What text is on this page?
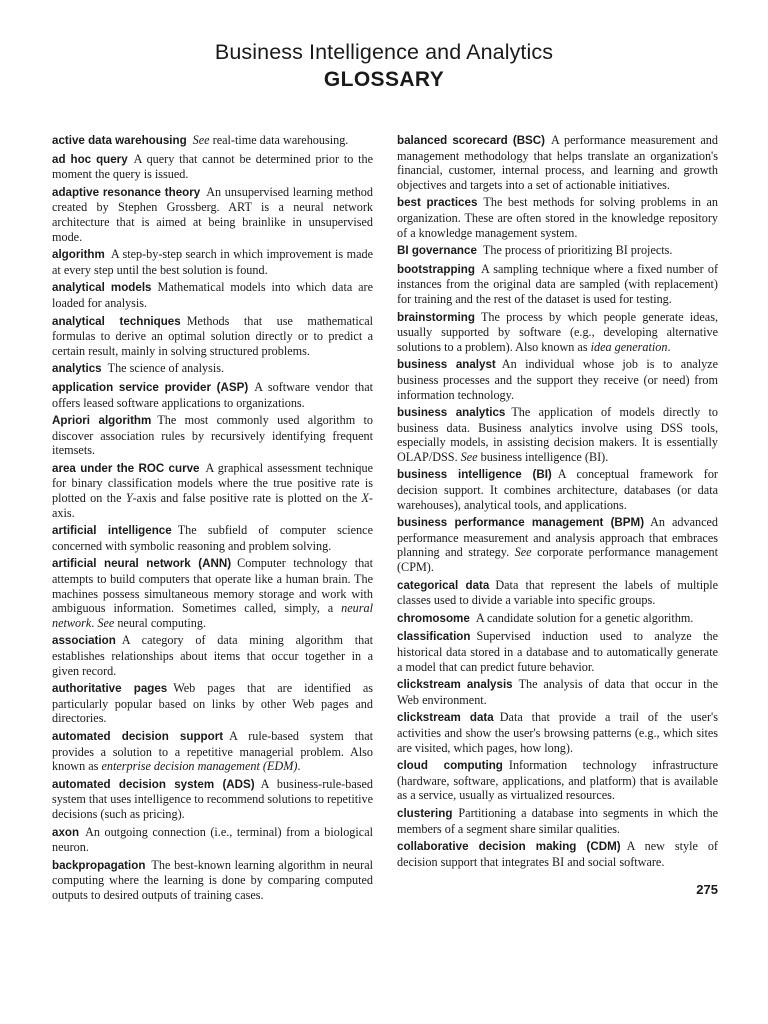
Business Intelligence and Analytics
GLOSSARY

active data warehousing See real-time data warehousing.

ad hoc query A query that cannot be determined prior to the moment the query is issued.

adaptive resonance theory An unsupervised learning method created by Stephen Grossberg. ART is a neural network architecture that is aimed at being brainlike in unsupervised mode.

algorithm A step-by-step search in which improvement is made at every step until the best solution is found.

analytical models Mathematical models into which data are loaded for analysis.

analytical techniques Methods that use mathematical formulas to derive an optimal solution directly or to predict a certain result, mainly in solving structured problems.

analytics The science of analysis.

application service provider (ASP) A software vendor that offers leased software applications to organizations.

Apriori algorithm The most commonly used algorithm to discover association rules by recursively identifying frequent itemsets.

area under the ROC curve A graphical assessment technique for binary classification models where the true positive rate is plotted on the Y-axis and false positive rate is plotted on the X-axis.

artificial intelligence The subfield of computer science concerned with symbolic reasoning and problem solving.

artificial neural network (ANN) Computer technology that attempts to build computers that operate like a human brain. The machines possess simultaneous memory storage and work with ambiguous information. Sometimes called, simply, a neural network. See neural computing.

association A category of data mining algorithm that establishes relationships about items that occur together in a given record.

authoritative pages Web pages that are identified as particularly popular based on links by other Web pages and directories.

automated decision support A rule-based system that provides a solution to a repetitive managerial problem. Also known as enterprise decision management (EDM).

automated decision system (ADS) A business-rule-based system that uses intelligence to recommend solutions to repetitive decisions (such as pricing).

axon An outgoing connection (i.e., terminal) from a biological neuron.

backpropagation The best-known learning algorithm in neural computing where the learning is done by comparing computed outputs to desired outputs of training cases.

balanced scorecard (BSC) A performance measurement and management methodology that helps translate an organization's financial, customer, internal process, and learning and growth objectives and targets into a set of actionable initiatives.

best practices The best methods for solving problems in an organization. These are often stored in the knowledge repository of a knowledge management system.

BI governance The process of prioritizing BI projects.

bootstrapping A sampling technique where a fixed number of instances from the original data are sampled (with replacement) for training and the rest of the dataset is used for testing.

brainstorming The process by which people generate ideas, usually supported by software (e.g., developing alternative solutions to a problem). Also known as idea generation.

business analyst An individual whose job is to analyze business processes and the support they receive (or need) from information technology.

business analytics The application of models directly to business data. Business analytics involve using DSS tools, especially models, in assisting decision makers. It is essentially OLAP/DSS. See business intelligence (BI).

business intelligence (BI) A conceptual framework for decision support. It combines architecture, databases (or data warehouses), analytical tools, and applications.

business performance management (BPM) An advanced performance measurement and analysis approach that embraces planning and strategy. See corporate performance management (CPM).

categorical data Data that represent the labels of multiple classes used to divide a variable into specific groups.

chromosome A candidate solution for a genetic algorithm.

classification Supervised induction used to analyze the historical data stored in a database and to automatically generate a model that can predict future behavior.

clickstream analysis The analysis of data that occur in the Web environment.

clickstream data Data that provide a trail of the user's activities and show the user's browsing patterns (e.g., which sites are visited, which pages, how long).

cloud computing Information technology infrastructure (hardware, software, applications, and platform) that is available as a service, usually as virtualized resources.

clustering Partitioning a database into segments in which the members of a segment share similar qualities.

collaborative decision making (CDM) A new style of decision support that integrates BI and social software.

275
